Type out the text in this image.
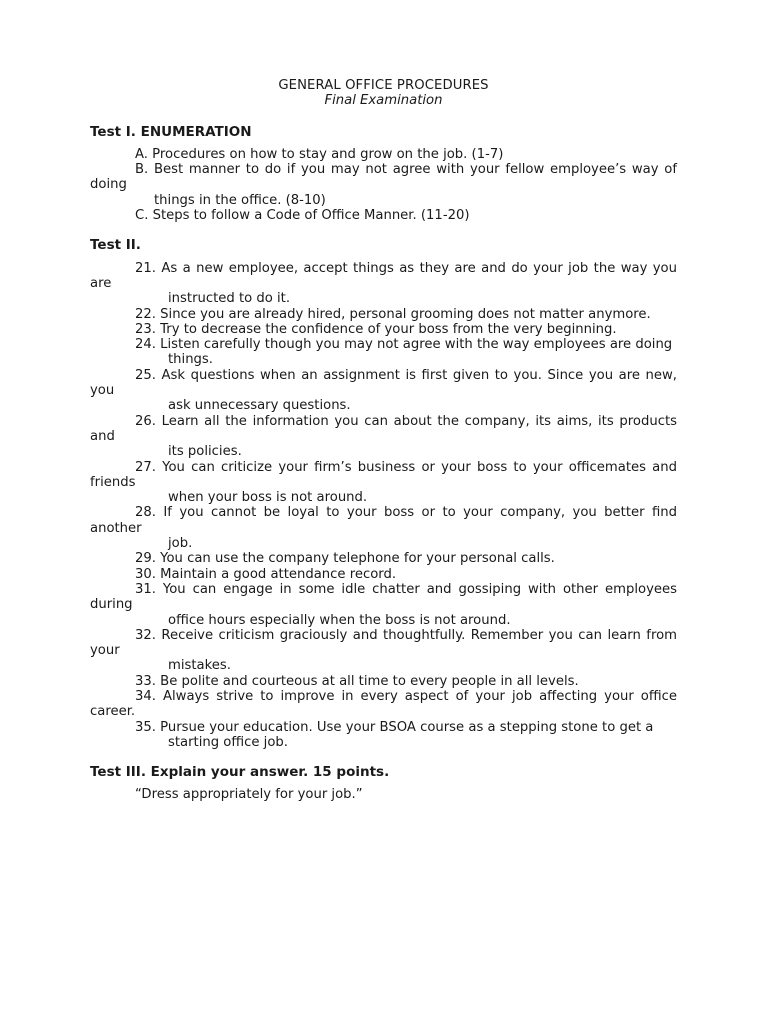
GENERAL OFFICE PROCEDURES
Final Examination
Test I. ENUMERATION
A. Procedures on how to stay and grow on the job. (1-7)
B. Best manner to do if you may not agree with your fellow employee’s way of doing
things in the office. (8-10)
C. Steps to follow a Code of Office Manner. (11-20)
Test II.
21. As a new employee, accept things as they are and do your job the way you are
instructed to do it.
22. Since you are already hired, personal grooming does not matter anymore.
23. Try to decrease the confidence of your boss from the very beginning.
24. Listen carefully though you may not agree with the way employees are doing
things.
25. Ask questions when an assignment is first given to you. Since you are new, you
ask unnecessary questions.
26. Learn all the information you can about the company, its aims, its products and
its policies.
27. You can criticize your firm’s business or your boss to your officemates and friends
when your boss is not around.
28. If you cannot be loyal to your boss or to your company, you better find another
job.
29. You can use the company telephone for your personal calls.
30. Maintain a good attendance record.
31. You can engage in some idle chatter and gossiping with other employees during
office hours especially when the boss is not around.
32. Receive criticism graciously and thoughtfully. Remember you can learn from your
mistakes.
33. Be polite and courteous at all time to every people in all levels.
34. Always strive to improve in every aspect of your job affecting your office career.
35. Pursue your education. Use your BSOA course as a stepping stone to get a
starting office job.
Test III. Explain your answer. 15 points.
“Dress appropriately for your job.”
